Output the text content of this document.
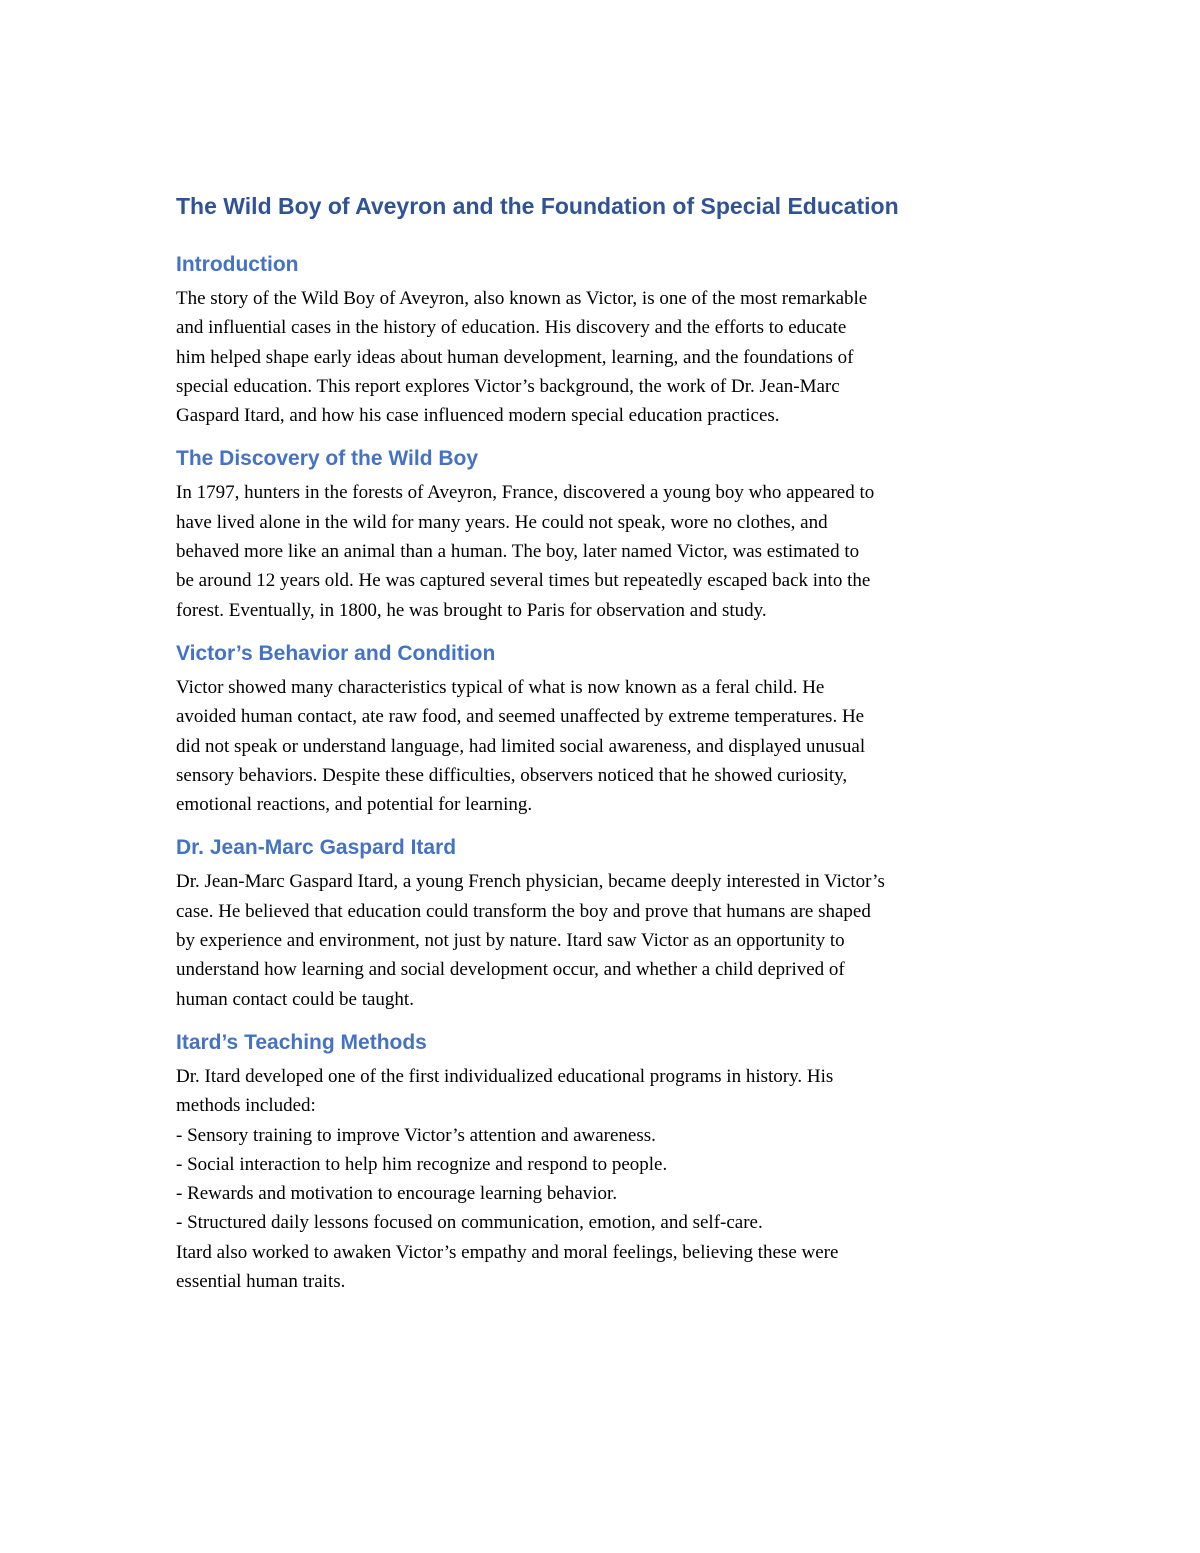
The Wild Boy of Aveyron and the Foundation of Special Education
Introduction

The story of the Wild Boy of Aveyron, also known as Victor, is one of the most remarkable
and influential cases in the history of education. His discovery and the efforts to educate
him helped shape early ideas about human development, learning, and the foundations of
special education. This report explores Victor’s background, the work of Dr. Jean-Marc
Gaspard Itard, and how his case influenced modern special education practices.

The Discovery of the Wild Boy

In 1797, hunters in the forests of Aveyron, France, discovered a young boy who appeared to
have lived alone in the wild for many years. He could not speak, wore no clothes, and
behaved more like an animal than a human. The boy, later named Victor, was estimated to
be around 12 years old. He was captured several times but repeatedly escaped back into the
forest. Eventually, in 1800, he was brought to Paris for observation and study.

Victor’s Behavior and Condition

Victor showed many characteristics typical of what is now known as a feral child. He
avoided human contact, ate raw food, and seemed unaffected by extreme temperatures. He
did not speak or understand language, had limited social awareness, and displayed unusual
sensory behaviors. Despite these difficulties, observers noticed that he showed curiosity,
emotional reactions, and potential for learning.

Dr. Jean-Marc Gaspard Itard

Dr. Jean-Marc Gaspard Itard, a young French physician, became deeply interested in Victor’s
case. He believed that education could transform the boy and prove that humans are shaped
by experience and environment, not just by nature. Itard saw Victor as an opportunity to
understand how learning and social development occur, and whether a child deprived of
human contact could be taught.

Itard’s Teaching Methods

Dr. Itard developed one of the first individualized educational programs in history. His
methods included:
- Sensory training to improve Victor’s attention and awareness.
- Social interaction to help him recognize and respond to people.
- Rewards and motivation to encourage learning behavior.
- Structured daily lessons focused on communication, emotion, and self-care.
Itard also worked to awaken Victor’s empathy and moral feelings, believing these were
essential human traits.
